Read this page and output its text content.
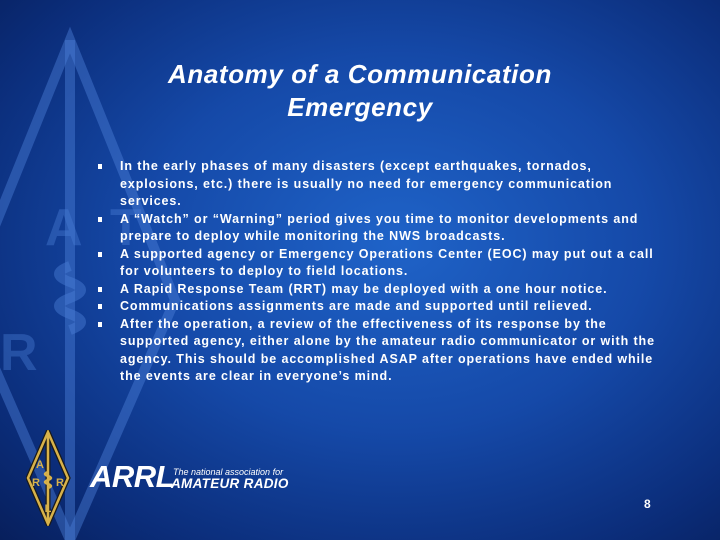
A T
R
Anatomy of a Communication
Emergency
In the early phases of many disasters (except earthquakes, tornados, explosions, etc.) there is usually no need for emergency communication services.
A “Watch” or “Warning” period gives you time to monitor developments and prepare to deploy while monitoring the NWS broadcasts.
A supported agency or Emergency Operations Center (EOC) may put out a call for volunteers to deploy to field locations.
A Rapid Response Team (RRT) may be deployed with a one hour notice.
Communications assignments are made and supported until relieved.
After the operation, a review of the effectiveness of its response by the supported agency, either alone by the amateur radio communicator or with the agency. This should be accomplished ASAP after operations have ended while the events are clear in everyone’s mind.
A
R R
L
ARRL
The national association for
AMATEUR RADIO
8
